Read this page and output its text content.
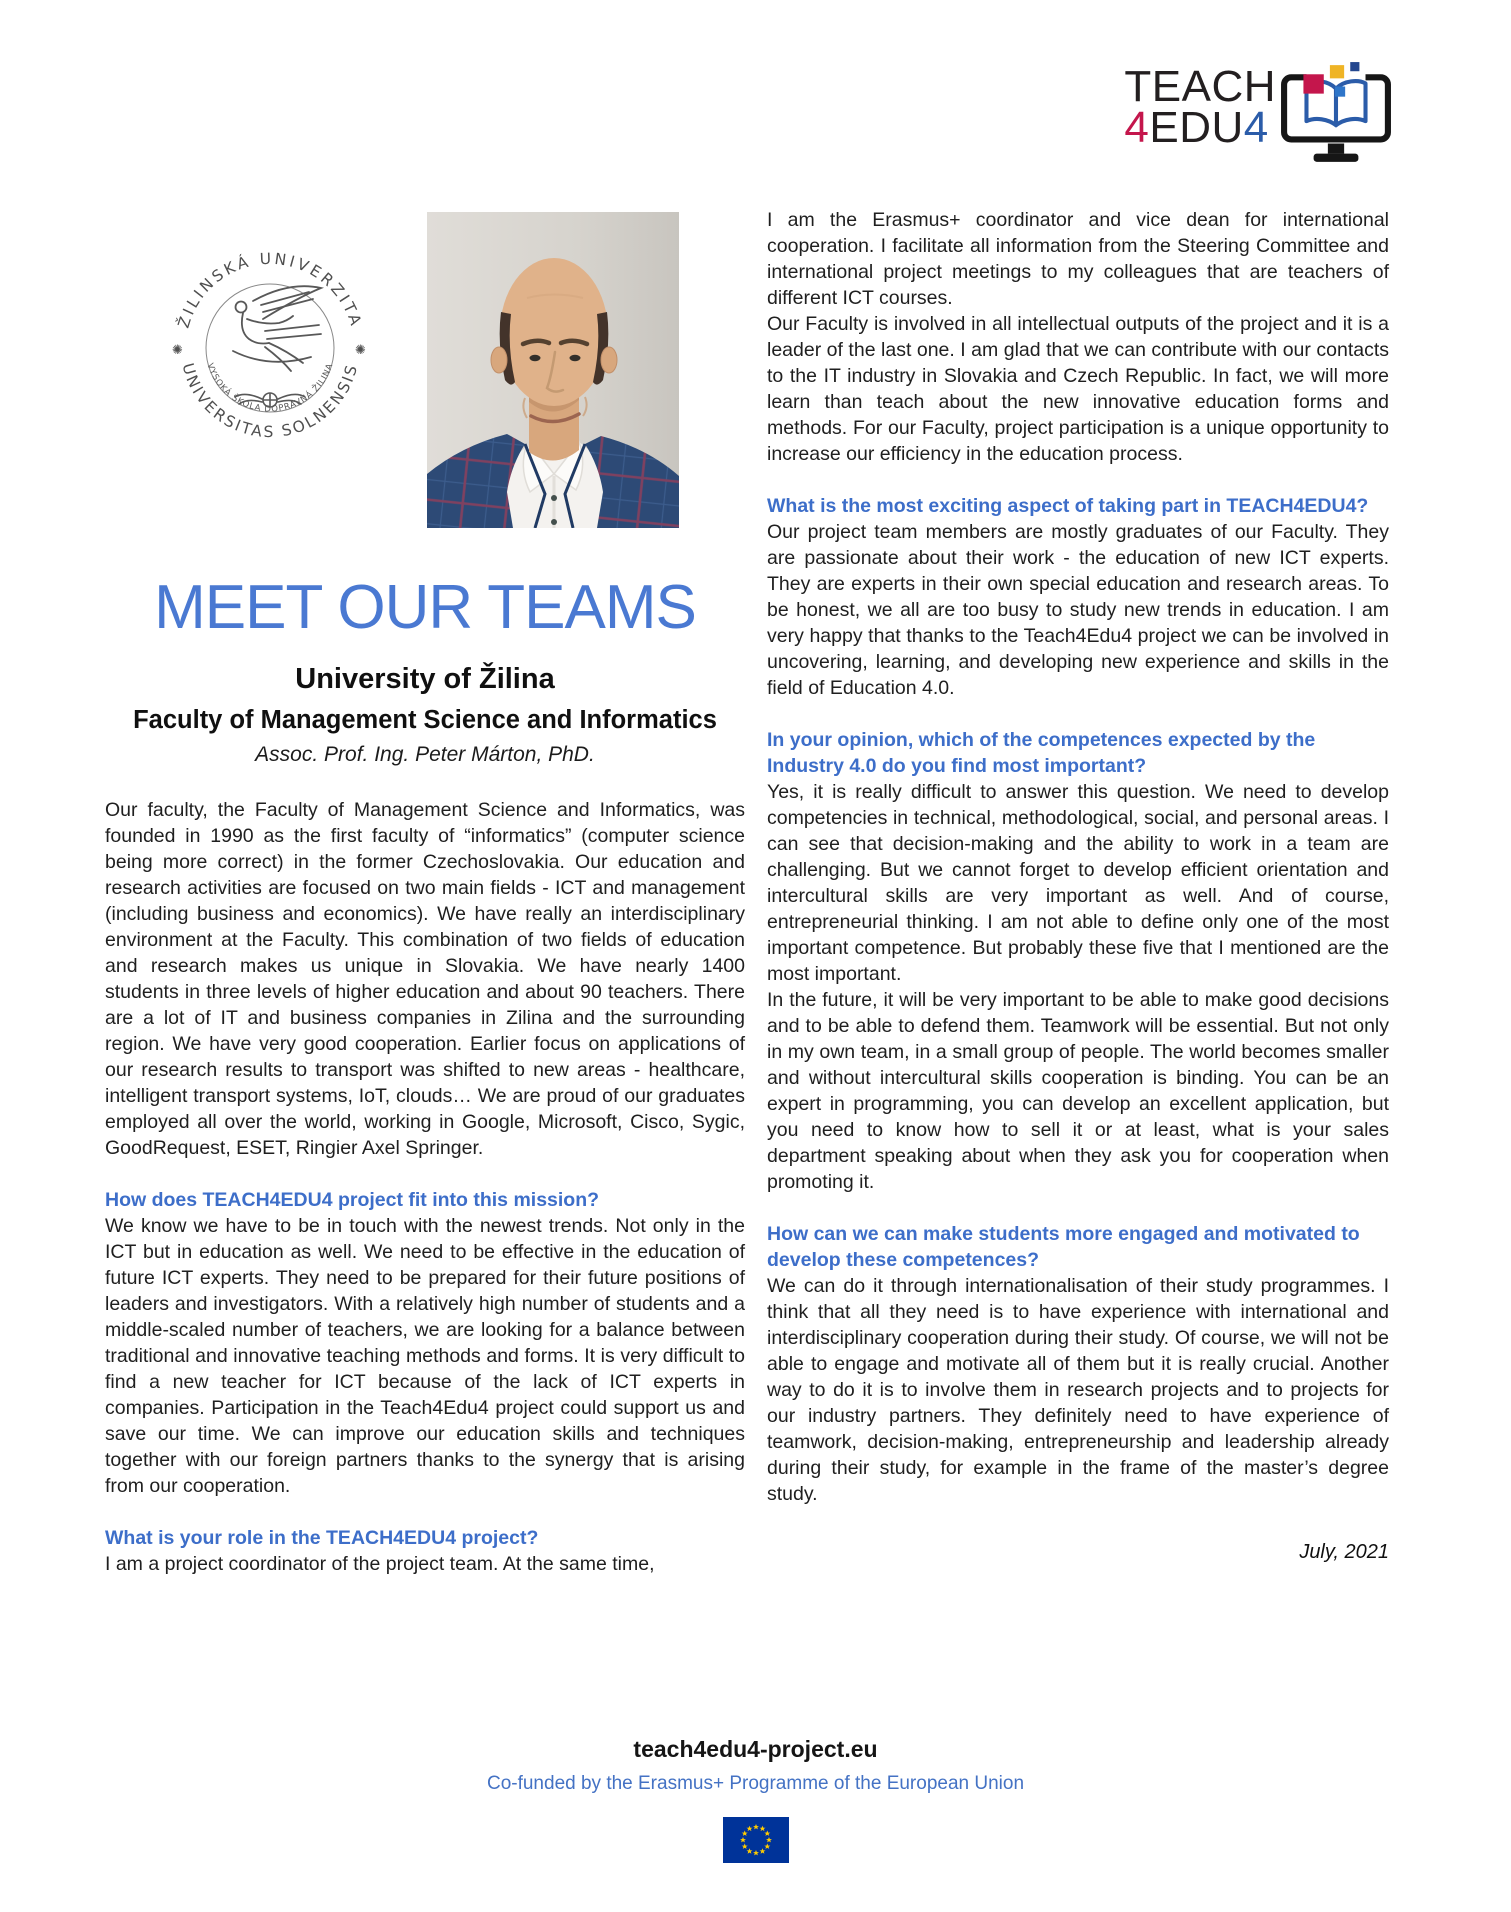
TEACH
4EDU4
ŽILINSKÁ UNIVERZITA
UNIVERSITAS SOLNENSIS
✺	✺
VYSOKÁ ŠKOLA DOPRAVNÁ ŽILINA
MEET OUR TEAMS
University of Žilina
Faculty of Management Science and Informatics
Assoc. Prof. Ing. Peter Márton, PhD.

Our faculty, the Faculty of Management Science and Informatics, was founded in 1990 as the first faculty of “informatics” (computer science being more correct) in the former Czechoslovakia. Our education and research activities are focused on two main fields - ICT and management (including business and economics). We have really an interdisciplinary environment at the Faculty. This combination of two fields of education and research makes us unique in Slovakia. We have nearly 1400 students in three levels of higher education and about 90 teachers. There are a lot of IT and business companies in Zilina and the surrounding region. We have very good cooperation. Earlier focus on applications of our research results to transport was shifted to new areas - healthcare, intelligent transport systems, IoT, clouds… We are proud of our graduates employed all over the world, working in Google, Microsoft, Cisco, Sygic, GoodRequest, ESET, Ringier Axel Springer.

How does TEACH4EDU4 project fit into this mission?

We know we have to be in touch with the newest trends. Not only in the ICT but in education as well. We need to be effective in the education of future ICT experts. They need to be prepared for their future positions of leaders and investigators. With a relatively high number of students and a middle-scaled number of teachers, we are looking for a balance between traditional and innovative teaching methods and forms. It is very difficult to find a new teacher for ICT because of the lack of ICT experts in companies. Participation in the Teach4Edu4 project could support us and save our time. We can improve our education skills and techniques together with our foreign partners thanks to the synergy that is arising from our cooperation.

What is your role in the TEACH4EDU4 project?

I am a project coordinator of the project team. At the same time,

I am the Erasmus+ coordinator and vice dean for international cooperation. I facilitate all information from the Steering Committee and international project meetings to my colleagues that are teachers of different ICT courses.

Our Faculty is involved in all intellectual outputs of the project and it is a leader of the last one. I am glad that we can contribute with our contacts to the IT industry in Slovakia and Czech Republic. In fact, we will more learn than teach about the new innovative education forms and methods. For our Faculty, project participation is a unique opportunity to increase our efficiency in the education process.

What is the most exciting aspect of taking part in TEACH4EDU4?

Our project team members are mostly graduates of our Faculty. They are passionate about their work - the education of new ICT experts. They are experts in their own special education and research areas. To be honest, we all are too busy to study new trends in education. I am very happy that thanks to the Teach4Edu4 project we can be involved in uncovering, learning, and developing new experience and skills in the field of Education 4.0.

In your opinion, which of the competences expected by the Industry 4.0 do you find most important?

Yes, it is really difficult to answer this question. We need to develop competencies in technical, methodological, social, and personal areas. I can see that decision-making and the ability to work in a team are challenging. But we cannot forget to develop efficient orientation and intercultural skills are very important as well. And of course, entrepreneurial thinking. I am not able to define only one of the most important competence. But probably these five that I mentioned are the most important.

In the future, it will be very important to be able to make good decisions and to be able to defend them. Teamwork will be essential. But not only in my own team, in a small group of people. The world becomes smaller and without intercultural skills cooperation is binding. You can be an expert in programming, you can develop an excellent application, but you need to know how to sell it or at least, what is your sales department speaking about when they ask you for cooperation when promoting it.

How can we can make students more engaged and motivated to develop these competences?

We can do it through internationalisation of their study programmes. I think that all they need is to have experience with international and interdisciplinary cooperation during their study. Of course, we will not be able to engage and motivate all of them but it is really crucial. Another way to do it is to involve them in research projects and to projects for our industry partners. They definitely need to have experience of teamwork, decision-making, entrepreneurship and leadership already during their study, for example in the frame of the master’s degree study.

July, 2021
teach4edu4-project.eu
Co-funded by the Erasmus+ Programme of the European Union
